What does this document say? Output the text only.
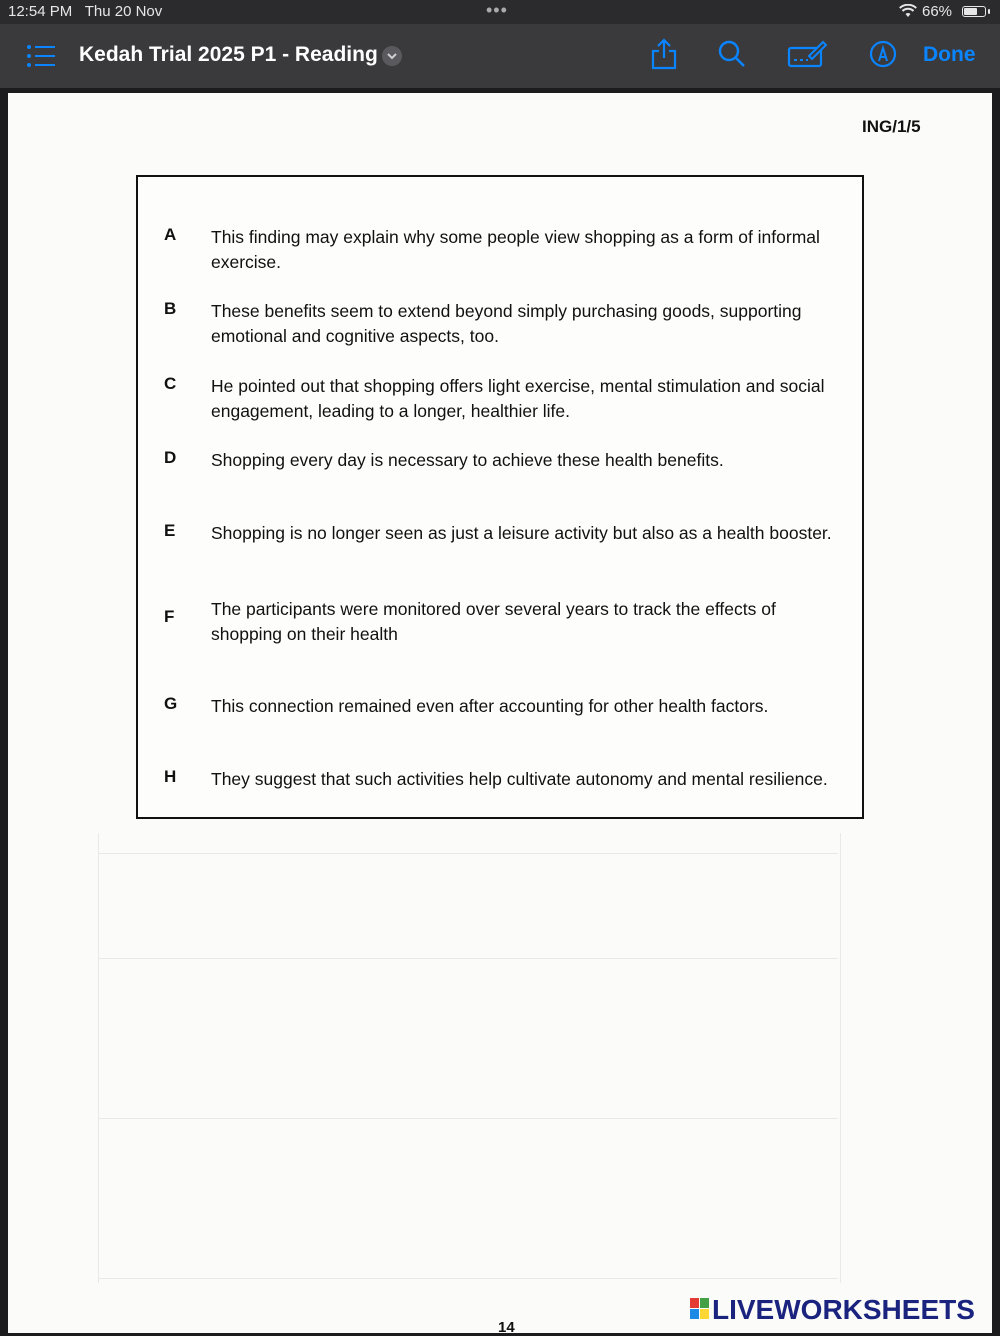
12:54 PM Thu 20 Nov	•••	66%
Kedah Trial 2025 P1 - Reading	Done
ING/1/5
A This finding may explain why some people view shopping as a form of informal exercise.
B These benefits seem to extend beyond simply purchasing goods, supporting emotional and cognitive aspects, too.
C He pointed out that shopping offers light exercise, mental stimulation and social engagement, leading to a longer, healthier life.
D Shopping every day is necessary to achieve these health benefits.
E Shopping is no longer seen as just a leisure activity but also as a health booster.
F The participants were monitored over several years to track the effects of shopping on their health
G This connection remained even after accounting for other health factors.
H They suggest that such activities help cultivate autonomy and mental resilience.
14
LIVEWORKSHEETS
